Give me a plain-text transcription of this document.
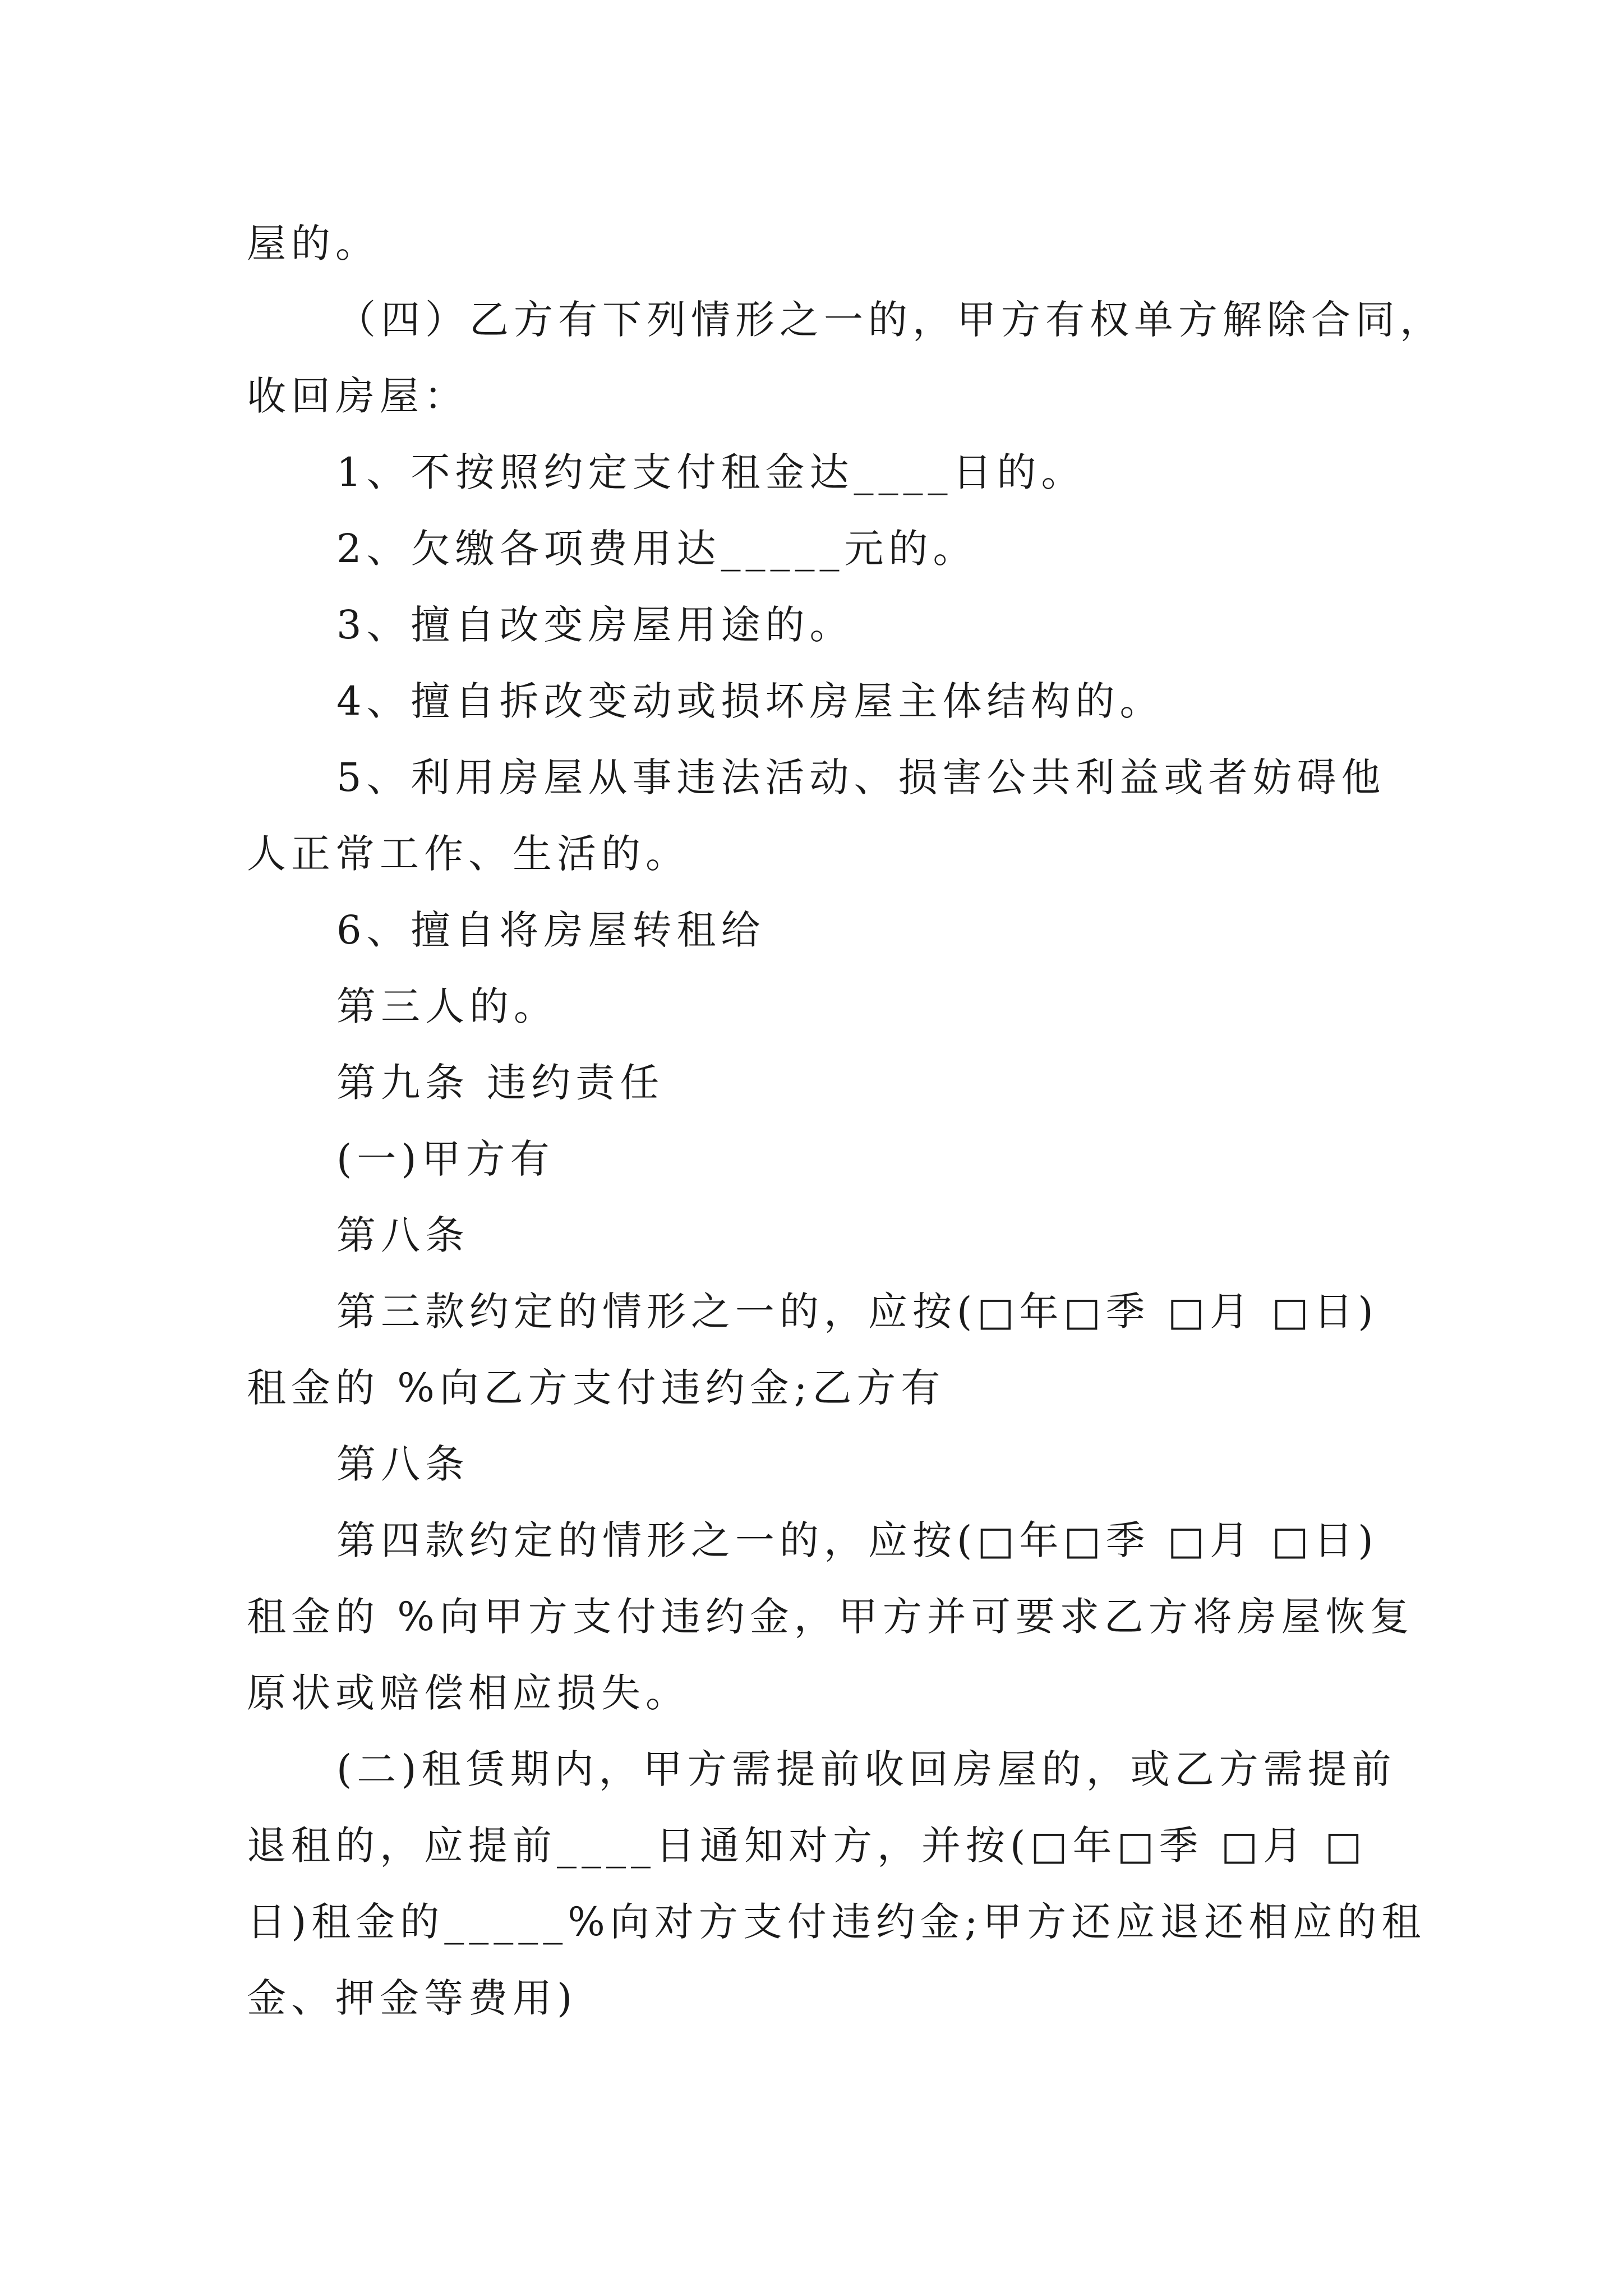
屋的。
（四）乙方有下列情形之一的，甲方有权单方解除合同，
收回房屋：
1、不按照约定支付租金达____日的。
2、欠缴各项费用达_____元的。
3、擅自改变房屋用途的。
4、擅自拆改变动或损坏房屋主体结构的。
5、利用房屋从事违法活动、损害公共利益或者妨碍他
人正常工作、生活的。
6、擅自将房屋转租给
第三人的。
第九条 违约责任
(一)甲方有
第八条
第三款约定的情形之一的，应按(□年□季 □月 □日)
租金的 %向乙方支付违约金;乙方有
第八条
第四款约定的情形之一的，应按(□年□季 □月 □日)
租金的 %向甲方支付违约金，甲方并可要求乙方将房屋恢复
原状或赔偿相应损失。
(二)租赁期内，甲方需提前收回房屋的，或乙方需提前
退租的，应提前____日通知对方，并按(□年□季 □月 □
日)租金的_____%向对方支付违约金;甲方还应退还相应的租
金、押金等费用)
